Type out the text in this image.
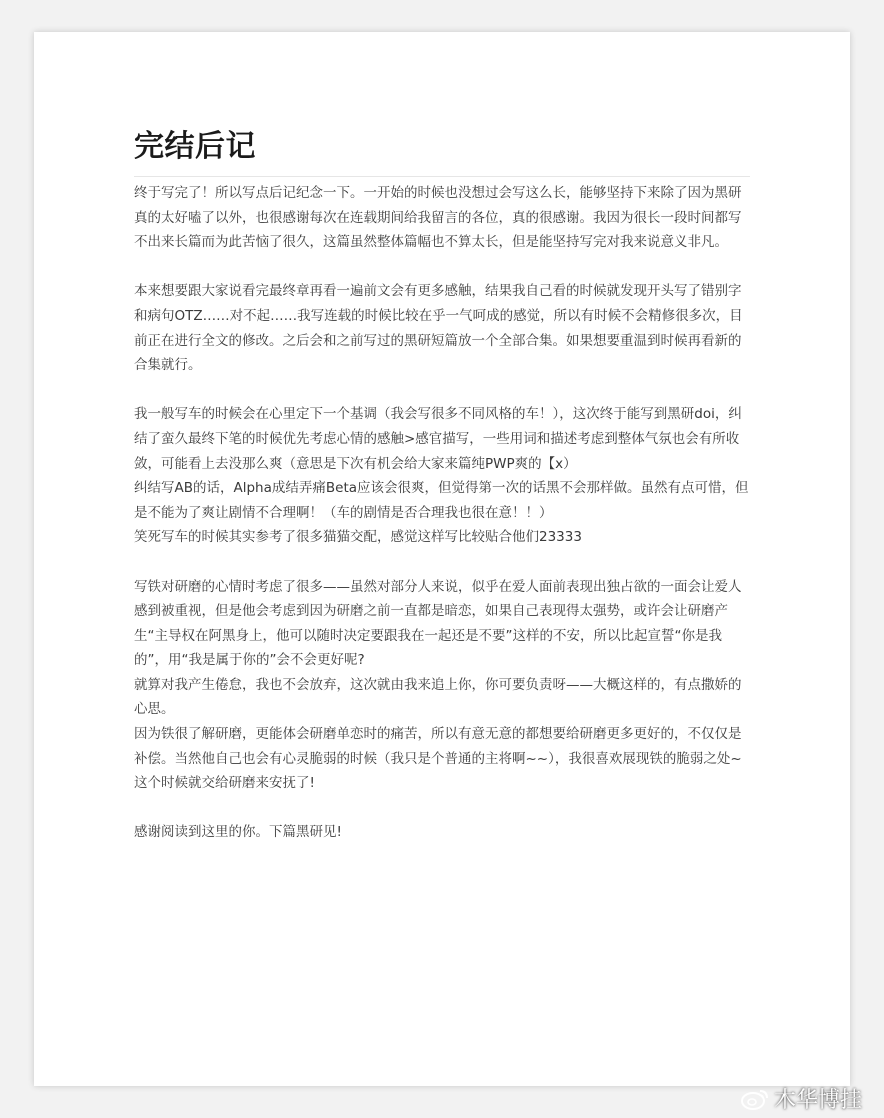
完结后记

终于写完了！所以写点后记纪念一下。一开始的时候也没想过会写这么长，能够坚持下来除了因为黑研真的太好嗑了以外，也很感谢每次在连载期间给我留言的各位，真的很感谢。我因为很长一段时间都写不出来长篇而为此苦恼了很久，这篇虽然整体篇幅也不算太长，但是能坚持写完对我来说意义非凡。

本来想要跟大家说看完最终章再看一遍前文会有更多感触，结果我自己看的时候就发现开头写了错别字和病句OTZ……对不起……我写连载的时候比较在乎一气呵成的感觉，所以有时候不会精修很多次，目前正在进行全文的修改。之后会和之前写过的黑研短篇放一个全部合集。如果想要重温到时候再看新的合集就行。

我一般写车的时候会在心里定下一个基调（我会写很多不同风格的车！），这次终于能写到黑研doi，纠结了蛮久最终下笔的时候优先考虑心情的感触>感官描写，一些用词和描述考虑到整体气氛也会有所收敛，可能看上去没那么爽（意思是下次有机会给大家来篇纯PWP爽的【x）

纠结写AB的话，Alpha成结弄痛Beta应该会很爽，但觉得第一次的话黑不会那样做。虽然有点可惜，但是不能为了爽让剧情不合理啊！（车的剧情是否合理我也很在意！！）

笑死写车的时候其实参考了很多猫猫交配，感觉这样写比较贴合他们23333

写铁对研磨的心情时考虑了很多——虽然对部分人来说，似乎在爱人面前表现出独占欲的一面会让爱人感到被重视，但是他会考虑到因为研磨之前一直都是暗恋，如果自己表现得太强势，或许会让研磨产生“主导权在阿黑身上，他可以随时决定要跟我在一起还是不要”这样的不安，所以比起宣誓“你是我的”，用“我是属于你的”会不会更好呢?

就算对我产生倦怠，我也不会放弃，这次就由我来追上你，你可要负责呀——大概这样的，有点撒娇的心思。

因为铁很了解研磨，更能体会研磨单恋时的痛苦，所以有意无意的都想要给研磨更多更好的，不仅仅是补偿。当然他自己也会有心灵脆弱的时候（我只是个普通的主将啊~~），我很喜欢展现铁的脆弱之处~这个时候就交给研磨来安抚了!

感谢阅读到这里的你。下篇黑研见!

木华博挂
